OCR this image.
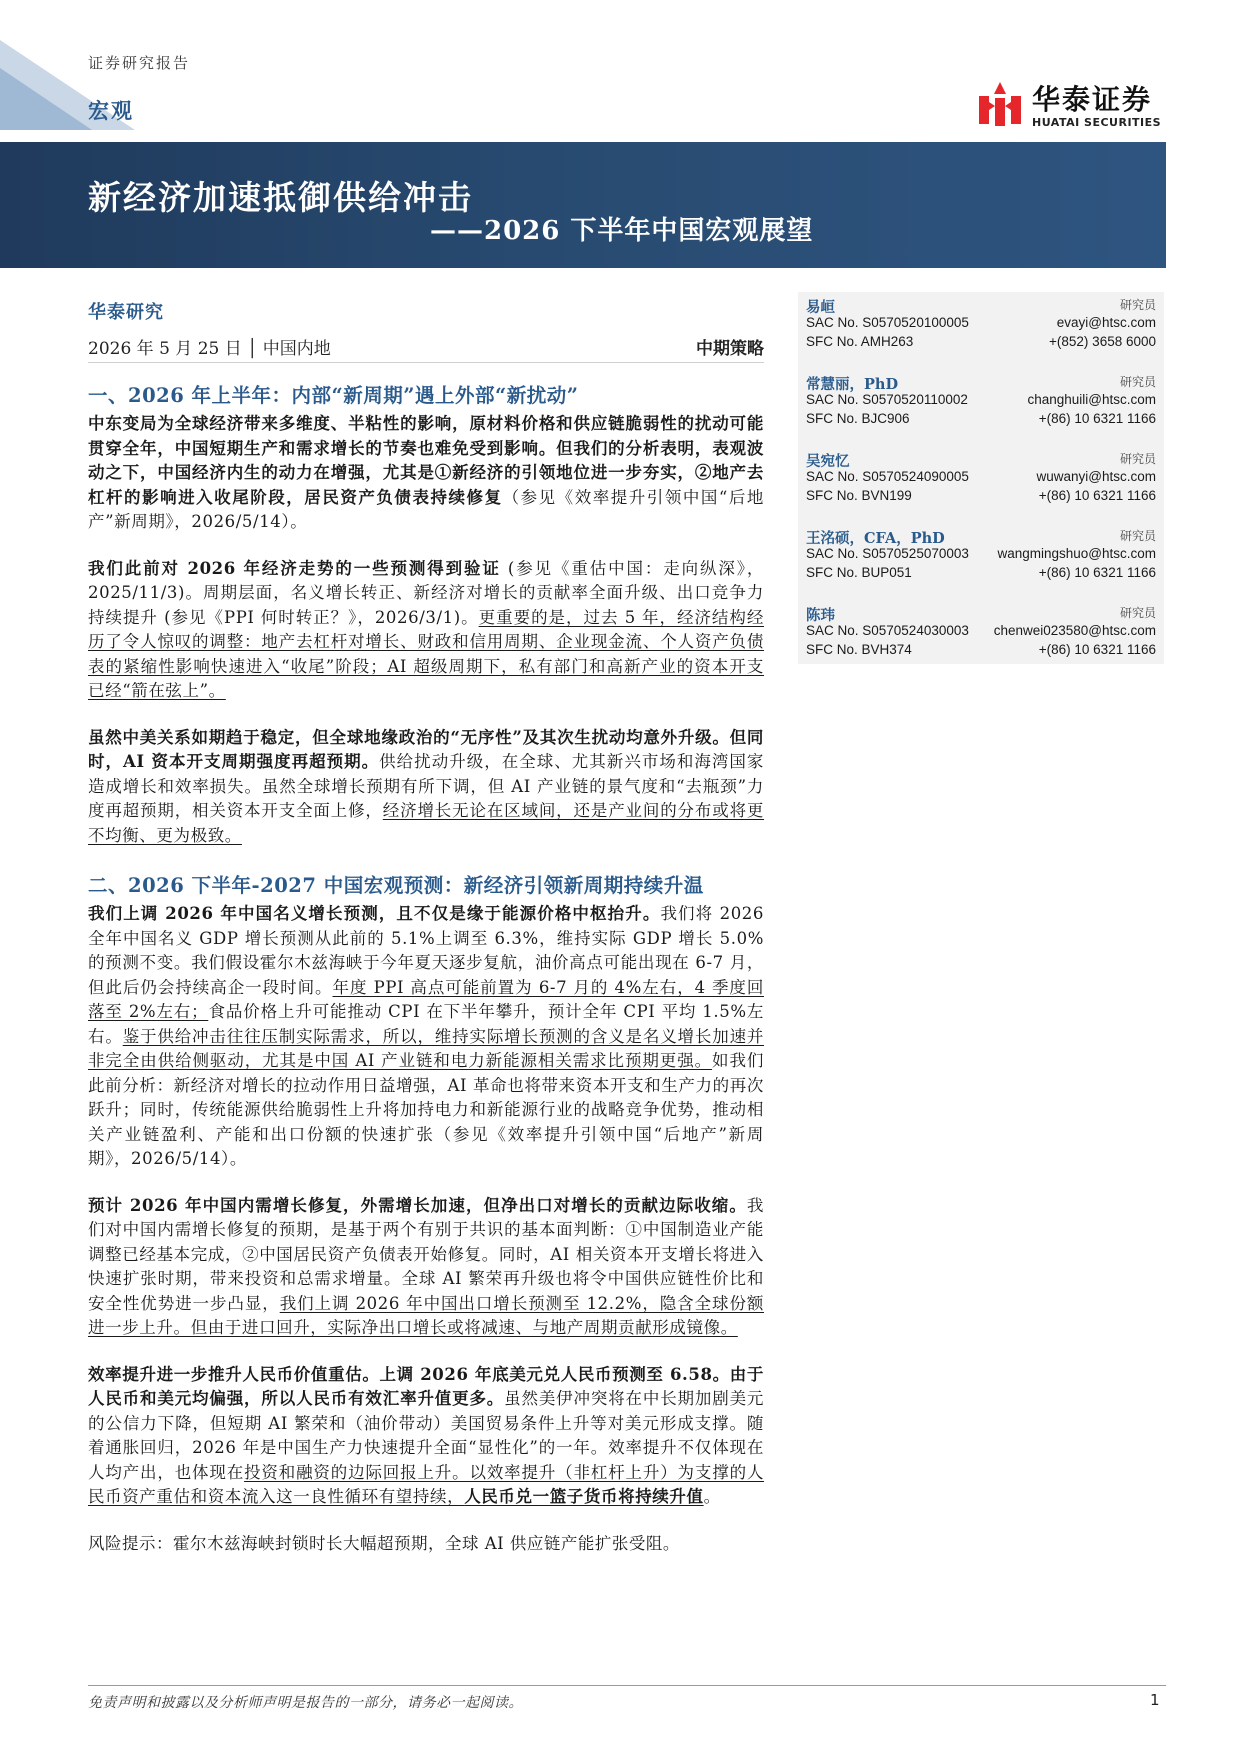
证券研究报告
宏观	华泰证券
HUATAI SECURITIES
新经济加速抵御供给冲击
——2026 下半年中国宏观展望
华泰研究
2026 年 5 月 25 日 │ 中国内地	中期策略
一、2026 年上半年：内部“新周期”遇上外部“新扰动”

中东变局为全球经济带来多维度、半粘性的影响，原材料价格和供应链脆弱性的扰动可能贯穿全年，中国短期生产和需求增长的节奏也难免受到影响。但我们的分析表明，表观波动之下，中国经济内生的动力在增强，尤其是①新经济的引领地位进一步夯实，②地产去杠杆的影响进入收尾阶段，居民资产负债表持续修复（参见《效率提升引领中国“后地产”新周期》，2026/5/14）。

我们此前对 2026 年经济走势的一些预测得到验证 (参见《重估中国：走向纵深》，2025/11/3)。周期层面，名义增长转正、新经济对增长的贡献率全面升级、出口竞争力持续提升 (参见《PPI 何时转正？》，2026/3/1)。更重要的是，过去 5 年，经济结构经历了令人惊叹的调整：地产去杠杆对增长、财政和信用周期、企业现金流、个人资产负债表的紧缩性影响快速进入“收尾”阶段；AI 超级周期下，私有部门和高新产业的资本开支已经“箭在弦上”。

虽然中美关系如期趋于稳定，但全球地缘政治的“无序性”及其次生扰动均意外升级。但同时，AI 资本开支周期强度再超预期。供给扰动升级，在全球、尤其新兴市场和海湾国家造成增长和效率损失。虽然全球增长预期有所下调，但 AI 产业链的景气度和“去瓶颈”力度再超预期，相关资本开支全面上修，经济增长无论在区域间，还是产业间的分布或将更不均衡、更为极致。

二、2026 下半年-2027 中国宏观预测：新经济引领新周期持续升温

我们上调 2026 年中国名义增长预测，且不仅是缘于能源价格中枢抬升。我们将 2026 全年中国名义 GDP 增长预测从此前的 5.1%上调至 6.3%，维持实际 GDP 增长 5.0%的预测不变。我们假设霍尔木兹海峡于今年夏天逐步复航，油价高点可能出现在 6-7 月，但此后仍会持续高企一段时间。年度 PPI 高点可能前置为 6-7 月的 4%左右，4 季度回落至 2%左右；食品价格上升可能推动 CPI 在下半年攀升，预计全年 CPI 平均 1.5%左右。鉴于供给冲击往往压制实际需求，所以，维持实际增长预测的含义是名义增长加速并非完全由供给侧驱动，尤其是中国 AI 产业链和电力新能源相关需求比预期更强。如我们此前分析：新经济对增长的拉动作用日益增强，AI 革命也将带来资本开支和生产力的再次跃升；同时，传统能源供给脆弱性上升将加持电力和新能源行业的战略竞争优势，推动相关产业链盈利、产能和出口份额的快速扩张（参见《效率提升引领中国“后地产”新周期》，2026/5/14）。

预计 2026 年中国内需增长修复，外需增长加速，但净出口对增长的贡献边际收缩。我们对中国内需增长修复的预期，是基于两个有别于共识的基本面判断：①中国制造业产能调整已经基本完成，②中国居民资产负债表开始修复。同时，AI 相关资本开支增长将进入快速扩张时期，带来投资和总需求增量。全球 AI 繁荣再升级也将令中国供应链性价比和安全性优势进一步凸显，我们上调 2026 年中国出口增长预测至 12.2%，隐含全球份额进一步上升。但由于进口回升，实际净出口增长或将减速、与地产周期贡献形成镜像。

效率提升进一步推升人民币价值重估。上调 2026 年底美元兑人民币预测至 6.58。由于人民币和美元均偏强，所以人民币有效汇率升值更多。虽然美伊冲突将在中长期加剧美元的公信力下降，但短期 AI 繁荣和（油价带动）美国贸易条件上升等对美元形成支撑。随着通胀回归，2026 年是中国生产力快速提升全面“显性化”的一年。效率提升不仅体现在人均产出，也体现在投资和融资的边际回报上升。以效率提升（非杠杆上升）为支撑的人民币资产重估和资本流入这一良性循环有望持续，人民币兑一篮子货币将持续升值。

风险提示：霍尔木兹海峡封锁时长大幅超预期，全球 AI 供应链产能扩张受阻。

易峘	研究员
SAC No. S0570520100005	evayi@htsc.com
SFC No. AMH263	+(852) 3658 6000
常慧丽，PhD	研究员
SAC No. S0570520110002	changhuili@htsc.com
SFC No. BJC906	+(86) 10 6321 1166
吴宛忆	研究员
SAC No. S0570524090005	wuwanyi@htsc.com
SFC No. BVN199	+(86) 10 6321 1166
王洺硕，CFA，PhD	研究员
SAC No. S0570525070003 wangmingshuo@htsc.com
SFC No. BUP051	+(86) 10 6321 1166
陈玮	研究员
SAC No. S0570524030003 chenwei023580@htsc.com
SFC No. BVH374	+(86) 10 6321 1166
免责声明和披露以及分析师声明是报告的一部分，请务必一起阅读。	1
